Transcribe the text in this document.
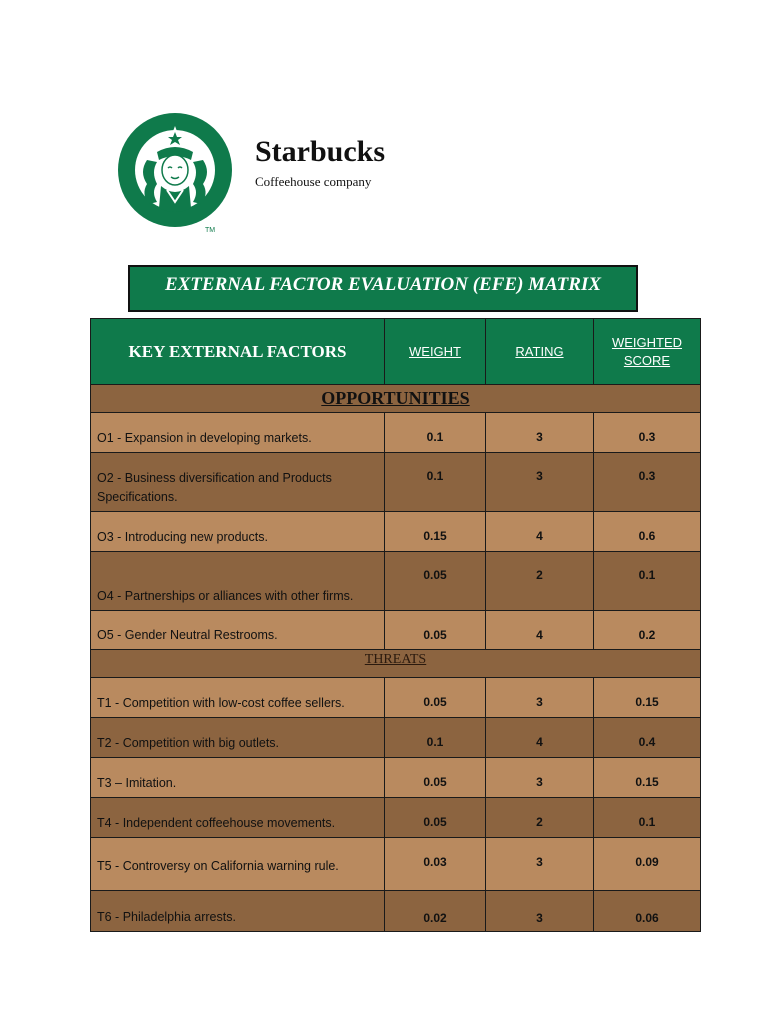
TM
Starbucks
Coffeehouse company
EXTERNAL FACTOR EVALUATION (EFE) MATRIX
KEY EXTERNAL FACTORS	WEIGHT	RATING	WEIGHTED
SCORE
OPPORTUNITIES			
O1 - Expansion in developing markets.	0.1	3	0.3
O2 - Business diversification and Products Specifications.	0.1	3	0.3
O3 - Introducing new products.	0.15	4	0.6
O4 - Partnerships or alliances with other firms.	0.05	2	0.1
O5 - Gender Neutral Restrooms.	0.05	4	0.2
THREATS			
T1 - Competition with low-cost coffee sellers.	0.05	3	0.15
T2 - Competition with big outlets.	0.1	4	0.4
T3 – Imitation.	0.05	3	0.15
T4 - Independent coffeehouse movements.	0.05	2	0.1
T5 - Controversy on California warning rule.	0.03	3	0.09
T6 - Philadelphia arrests.	0.02	3	0.06
